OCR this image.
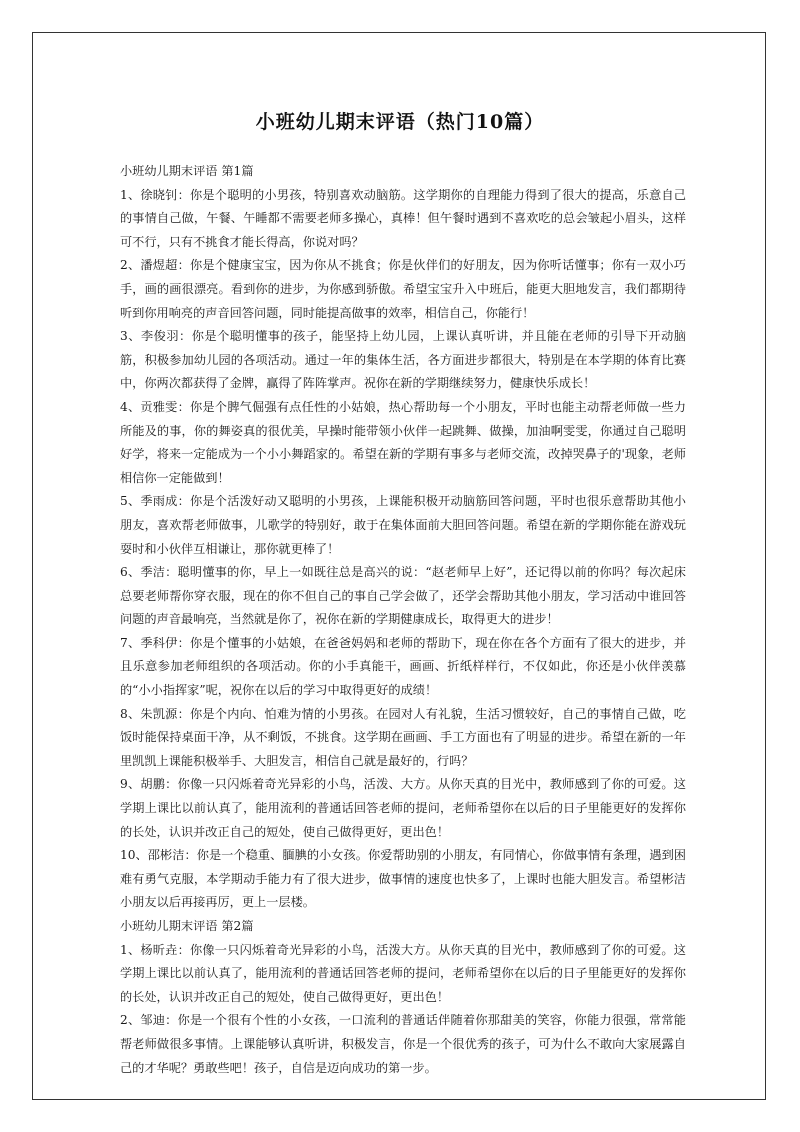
小班幼儿期末评语（热门10篇）

小班幼儿期末评语 第1篇

1、徐晓钊：你是个聪明的小男孩，特别喜欢动脑筋。这学期你的自理能力得到了很大的提高，乐意自己的事情自己做，午餐、午睡都不需要老师多操心，真棒！但午餐时遇到不喜欢吃的总会皱起小眉头，这样可不行，只有不挑食才能长得高，你说对吗？

2、潘煜超：你是个健康宝宝，因为你从不挑食；你是伙伴们的好朋友，因为你听话懂事；你有一双小巧手，画的画很漂亮。看到你的进步，为你感到骄傲。希望宝宝升入中班后，能更大胆地发言，我们都期待听到你用响亮的声音回答问题，同时能提高做事的效率，相信自己，你能行！

3、李俊羽：你是个聪明懂事的孩子，能坚持上幼儿园，上课认真听讲，并且能在老师的引导下开动脑筋，积极参加幼儿园的各项活动。通过一年的集体生活，各方面进步都很大，特别是在本学期的体育比赛中，你两次都获得了金牌，赢得了阵阵掌声。祝你在新的学期继续努力，健康快乐成长！

4、贡雅雯：你是个脾气倔强有点任性的小姑娘，热心帮助每一个小朋友，平时也能主动帮老师做一些力所能及的事，你的舞姿真的很优美，早操时能带领小伙伴一起跳舞、做操，加油啊雯雯，你通过自己聪明好学，将来一定能成为一个小小舞蹈家的。希望在新的学期有事多与老师交流，改掉哭鼻子的'现象，老师相信你一定能做到！

5、季雨成：你是个活泼好动又聪明的小男孩，上课能积极开动脑筋回答问题，平时也很乐意帮助其他小朋友，喜欢帮老师做事，儿歌学的特别好，敢于在集体面前大胆回答问题。希望在新的学期你能在游戏玩耍时和小伙伴互相谦让，那你就更棒了！

6、季洁：聪明懂事的你，早上一如既往总是高兴的说：“赵老师早上好”，还记得以前的你吗？每次起床总要老师帮你穿衣服，现在的你不但自己的事自己学会做了，还学会帮助其他小朋友，学习活动中谁回答问题的声音最响亮，当然就是你了，祝你在新的学期健康成长，取得更大的进步！

7、季科伊：你是个懂事的小姑娘，在爸爸妈妈和老师的帮助下，现在你在各个方面有了很大的进步，并且乐意参加老师组织的各项活动。你的小手真能干，画画、折纸样样行，不仅如此，你还是小伙伴羡慕的“小小指挥家”呢，祝你在以后的学习中取得更好的成绩！

8、朱凯源：你是个内向、怕难为情的小男孩。在园对人有礼貌，生活习惯较好，自己的事情自己做，吃饭时能保持桌面干净，从不剩饭，不挑食。这学期在画画、手工方面也有了明显的进步。希望在新的一年里凯凯上课能积极举手、大胆发言，相信自己就是最好的，行吗？

9、胡鹏：你像一只闪烁着奇光异彩的小鸟，活泼、大方。从你天真的目光中，教师感到了你的可爱。这学期上课比以前认真了，能用流利的普通话回答老师的提问，老师希望你在以后的日子里能更好的发挥你的长处，认识并改正自己的短处，使自己做得更好，更出色！

10、邵彬洁：你是一个稳重、腼腆的小女孩。你爱帮助别的小朋友，有同情心，你做事情有条理，遇到困难有勇气克服，本学期动手能力有了很大进步，做事情的速度也快多了，上课时也能大胆发言。希望彬洁小朋友以后再接再厉，更上一层楼。

小班幼儿期末评语 第2篇

1、杨昕垚：你像一只闪烁着奇光异彩的小鸟，活泼大方。从你天真的目光中，教师感到了你的可爱。这学期上课比以前认真了，能用流利的普通话回答老师的提问，老师希望你在以后的日子里能更好的发挥你的长处，认识并改正自己的短处，使自己做得更好，更出色！

2、邹迪：你是一个很有个性的小女孩，一口流利的普通话伴随着你那甜美的笑容，你能力很强，常常能帮老师做很多事情。上课能够认真听讲，积极发言，你是一个很优秀的孩子，可为什么不敢向大家展露自己的才华呢？勇敢些吧！孩子，自信是迈向成功的第一步。
